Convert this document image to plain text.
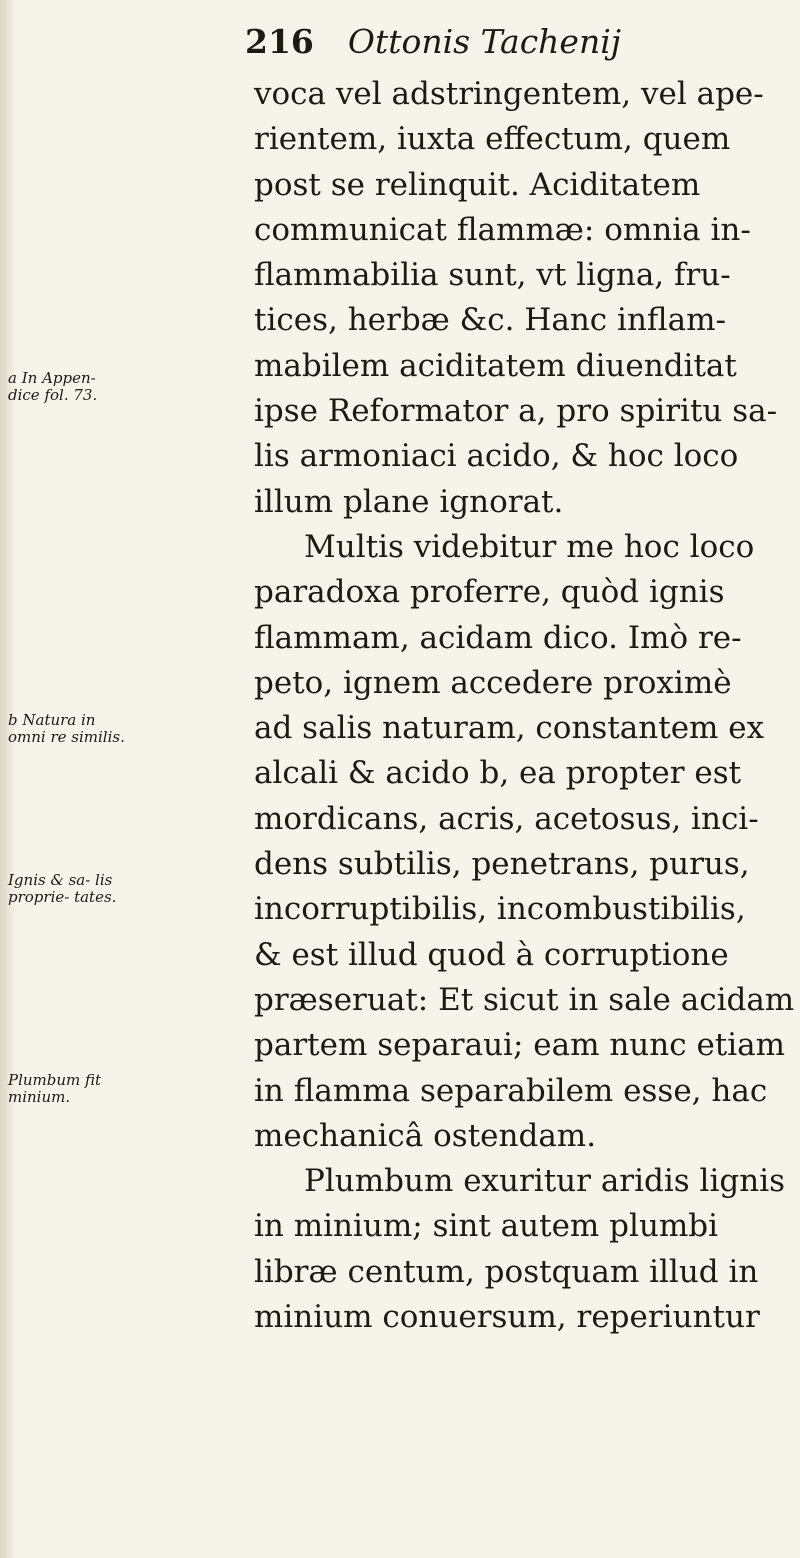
216 Ottonis Tachenij
a In Appen- dice fol. 73.
b Natura in omni re similis.
Ignis & sa- lis proprie- tates.
Plumbum fit minium.
voca vel adstringentem, vel ape-
rientem, iuxta effectum, quem
post se relinquit. Aciditatem
communicat flammæ: omnia in-
flammabilia sunt, vt ligna, fru-
tices, herbæ &c. Hanc inflam-
mabilem aciditatem diuenditat
ipse Reformator a, pro spiritu sa-
lis armoniaci acido, & hoc loco
illum plane ignorat.
Multis videbitur me hoc loco
paradoxa proferre, quòd ignis
flammam, acidam dico. Imò re-
peto, ignem accedere proximè
ad salis naturam, constantem ex
alcali & acido b, ea propter est
mordicans, acris, acetosus, inci-
dens subtilis, penetrans, purus,
incorruptibilis, incombustibilis,
& est illud quod à corruptione
præseruat: Et sicut in sale acidam
partem separaui; eam nunc etiam
in flamma separabilem esse, hac
mechanicâ ostendam.
Plumbum exuritur aridis lignis
in minium; sint autem plumbi
libræ centum, postquam illud in
minium conuersum, reperiuntur
